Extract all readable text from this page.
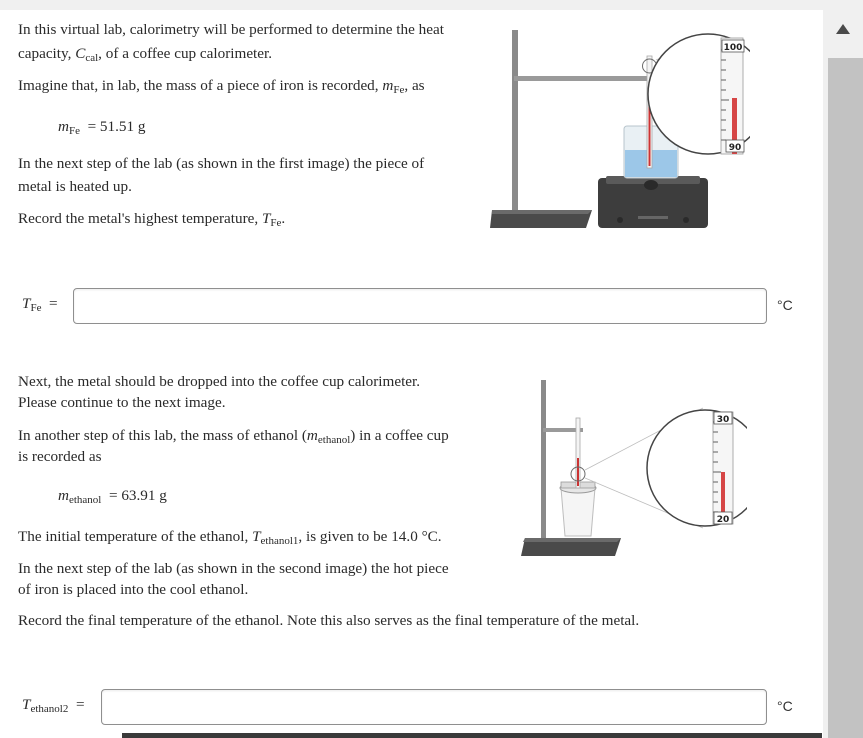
In this virtual lab, calorimetry will be performed to determine the heat
capacity, $C_{cal}$, of a coffee cup calorimeter.
Imagine that, in lab, the mass of a piece of iron is recorded, $m_{Fe}$, as
$m_{Fe} = 51.51$ g
In the next step of the lab (as shown in the first image) the piece of
metal is heated up.
Record the metal's highest temperature, $T_{Fe}$.
$T_{Fe}$ =	°C
100
90
Next, the metal should be dropped into the coffee cup calorimeter.
Please continue to the next image.
In another step of this lab, the mass of ethanol $(m_{ethanol})$ in a coffee cup
is recorded as
$m_{ethanol} = 63.91$ g
The initial temperature of the ethanol, $T_{ethanol1}$, is given to be 14.0 °C.
In the next step of the lab (as shown in the second image) the hot piece
of iron is placed into the cool ethanol.
Record the final temperature of the ethanol. Note this also serves as the final temperature of the metal.
$T_{ethanol2}$ =	°C
30
20
